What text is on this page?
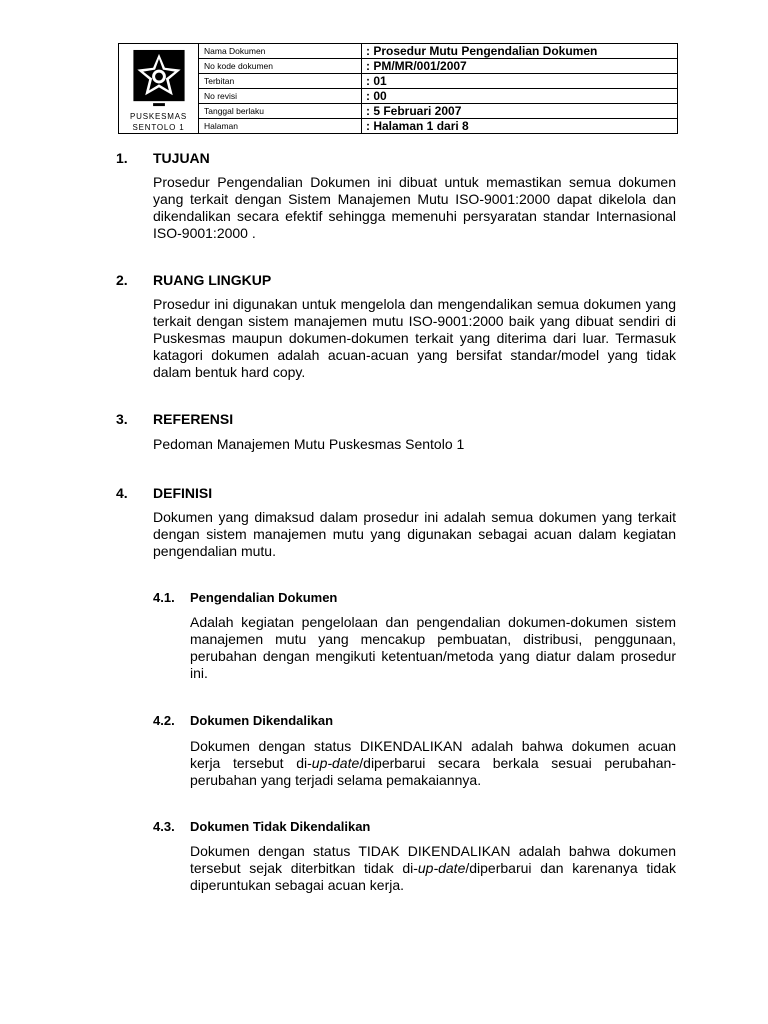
PUSKESMAS
SENTOLO 1
Nama Dokumen	: Prosedur Mutu Pengendalian Dokumen
No kode dokumen	: PM/MR/001/2007
Terbitan	: 01
No revisi	: 00
Tanggal berlaku	: 5 Februari 2007
Halaman	: Halaman 1 dari 8
1. TUJUAN
Prosedur Pengendalian Dokumen ini dibuat untuk memastikan semua dokumen yang terkait dengan Sistem Manajemen Mutu ISO-9001:2000 dapat dikelola dan dikendalikan secara efektif sehingga memenuhi persyaratan standar Internasional ISO-9001:2000 .
2. RUANG LINGKUP
Prosedur ini digunakan untuk mengelola dan mengendalikan semua dokumen yang terkait dengan sistem manajemen mutu ISO-9001:2000 baik yang dibuat sendiri di Puskesmas maupun dokumen-dokumen terkait yang diterima dari luar. Termasuk katagori dokumen adalah acuan-acuan yang bersifat standar/model yang tidak dalam bentuk hard copy.
3. REFERENSI
Pedoman Manajemen Mutu Puskesmas Sentolo 1
4. DEFINISI
Dokumen yang dimaksud dalam prosedur ini adalah semua dokumen yang terkait dengan sistem manajemen mutu yang digunakan sebagai acuan dalam kegiatan pengendalian mutu.
4.1. Pengendalian Dokumen
Adalah kegiatan pengelolaan dan pengendalian dokumen-dokumen sistem manajemen mutu yang mencakup pembuatan, distribusi, penggunaan, perubahan dengan mengikuti ketentuan/metoda yang diatur dalam prosedur ini.
4.2. Dokumen Dikendalikan
Dokumen dengan status DIKENDALIKAN adalah bahwa dokumen acuan kerja tersebut di-up-date/diperbarui secara berkala sesuai perubahan-perubahan yang terjadi selama pemakaiannya.
4.3. Dokumen Tidak Dikendalikan
Dokumen dengan status TIDAK DIKENDALIKAN adalah bahwa dokumen tersebut sejak diterbitkan tidak di-up-date/diperbarui dan karenanya tidak diperuntukan sebagai acuan kerja.
